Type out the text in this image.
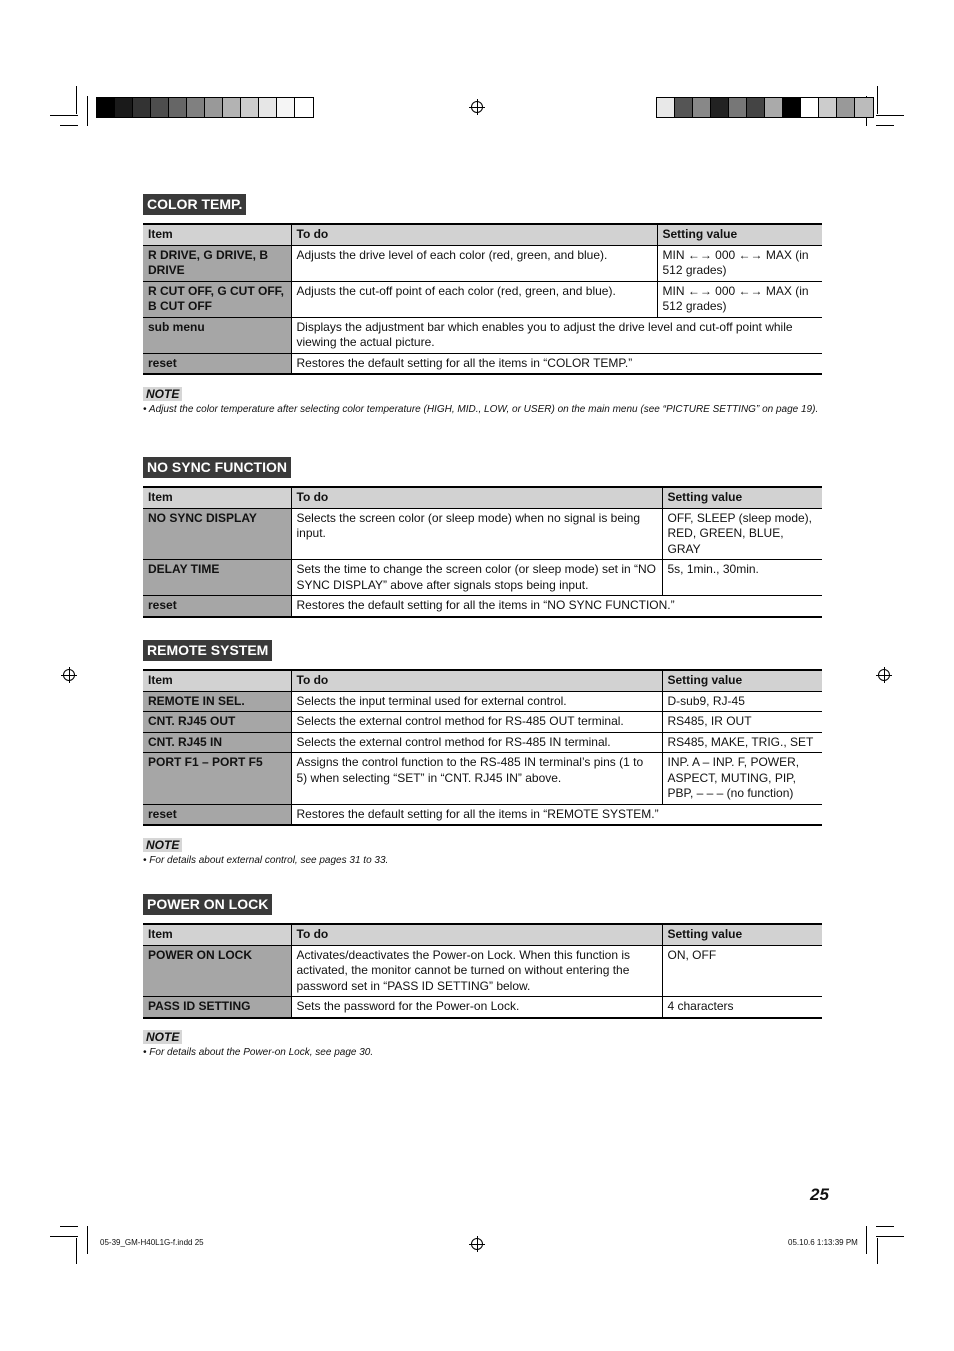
COLOR TEMP.
Item	To do	Setting value
R DRIVE, G DRIVE, B DRIVE	Adjusts the drive level of each color (red, green, and blue).	MIN ←→ 000 ←→ MAX (in 512 grades)
R CUT OFF, G CUT OFF, B CUT OFF	Adjusts the cut-off point of each color (red, green, and blue).	MIN ←→ 000 ←→ MAX (in 512 grades)
sub menu	Displays the adjustment bar which enables you to adjust the drive level and cut-off point while viewing the actual picture.	
reset	Restores the default setting for all the items in “COLOR TEMP.”	
NOTE
• Adjust the color temperature after selecting color temperature (HIGH, MID., LOW, or USER) on the main menu (see “PICTURE SETTING” on page 19).
NO SYNC FUNCTION
Item	To do	Setting value
NO SYNC DISPLAY	Selects the screen color (or sleep mode) when no signal is being input.	OFF, SLEEP (sleep mode), RED, GREEN, BLUE, GRAY
DELAY TIME	Sets the time to change the screen color (or sleep mode) set in “NO SYNC DISPLAY” above after signals stops being input.	5s, 1min., 30min.
reset	Restores the default setting for all the items in “NO SYNC FUNCTION.”	
REMOTE SYSTEM
Item	To do	Setting value
REMOTE IN SEL.	Selects the input terminal used for external control.	D-sub9, RJ-45
CNT. RJ45 OUT	Selects the external control method for RS-485 OUT terminal.	RS485, IR OUT
CNT. RJ45 IN	Selects the external control method for RS-485 IN terminal.	RS485, MAKE, TRIG., SET
PORT F1 – PORT F5	Assigns the control function to the RS-485 IN terminal’s pins (1 to 5) when selecting “SET” in “CNT. RJ45 IN” above.	INP. A – INP. F, POWER, ASPECT, MUTING, PIP, PBP, – – – (no function)
reset	Restores the default setting for all the items in “REMOTE SYSTEM.”	
NOTE
• For details about external control, see pages 31 to 33.
POWER ON LOCK
Item	To do	Setting value
POWER ON LOCK	Activates/deactivates the Power-on Lock. When this function is activated, the monitor cannot be turned on without entering the password set in “PASS ID SETTING” below.	ON, OFF
PASS ID SETTING	Sets the password for the Power-on Lock.	4 characters
NOTE
• For details about the Power-on Lock, see page 30.
25
05-39_GM-H40L1G-f.indd 25	05.10.6 1:13:39 PM
